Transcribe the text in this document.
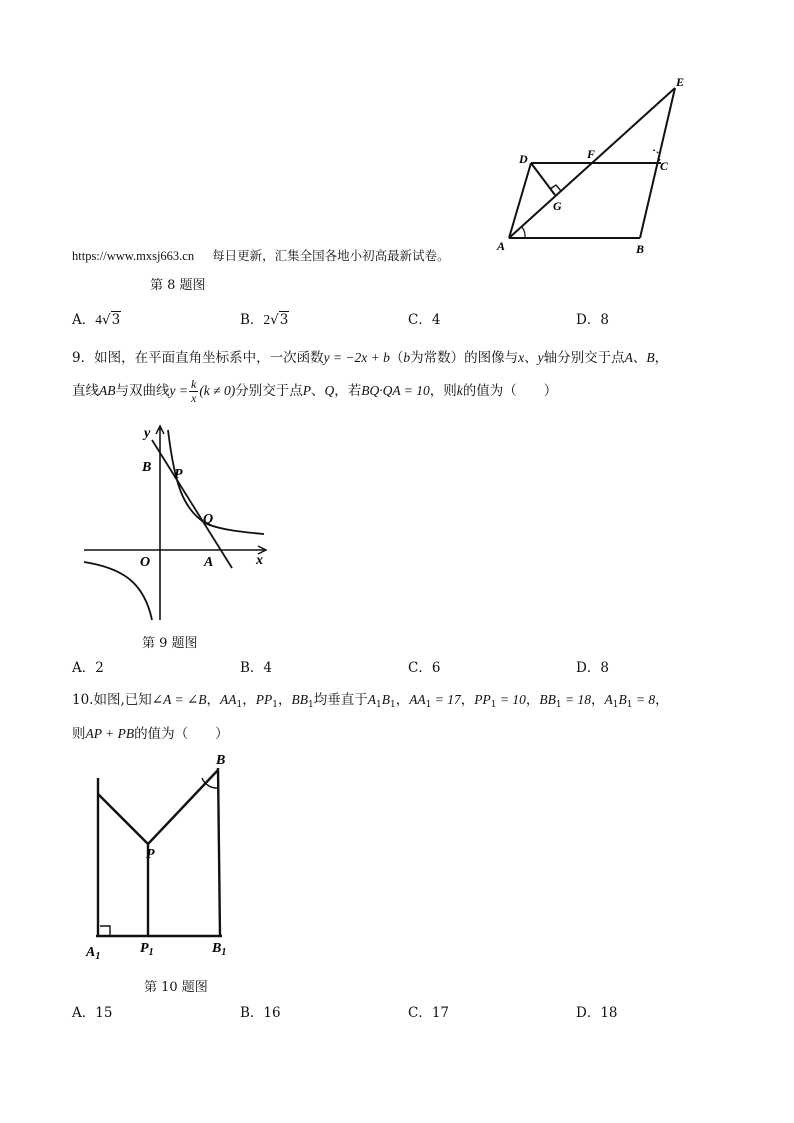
E
D	F
C
G
A	B
https://www.mxsj663.cn 每日更新，汇集全国各地小初高最新试卷。
第 8 题图
A．4√3	B．2√3	C．4	D．8
9．如图，在平面直角坐标系中，一次函数y = −2x + b（b为常数）的图像与x、y轴分别交于点A、B，
直线AB与双曲线$y = \frac{k}{x} (k \ne 0)$分别交于点P、Q，若BQ·QA = 10，则k的值为（　　）
y
B P
Q
O	A	x
第 9 题图
A．2	B．4	C．6	D．8
10.如图,已知∠A = ∠B，$AA_1$，$PP_1$，$BB_1$均垂直于$A_1B_1$，$AA_1 = 17$，$PP_1 = 10$，$BB_1 = 18$，$A_1B_1 = 8$，
则AP + PB的值为（　　）
B
P
$A_1$
$P_1$	$B_1$
第 10 题图
A．15	B．16	C．17	D．18
